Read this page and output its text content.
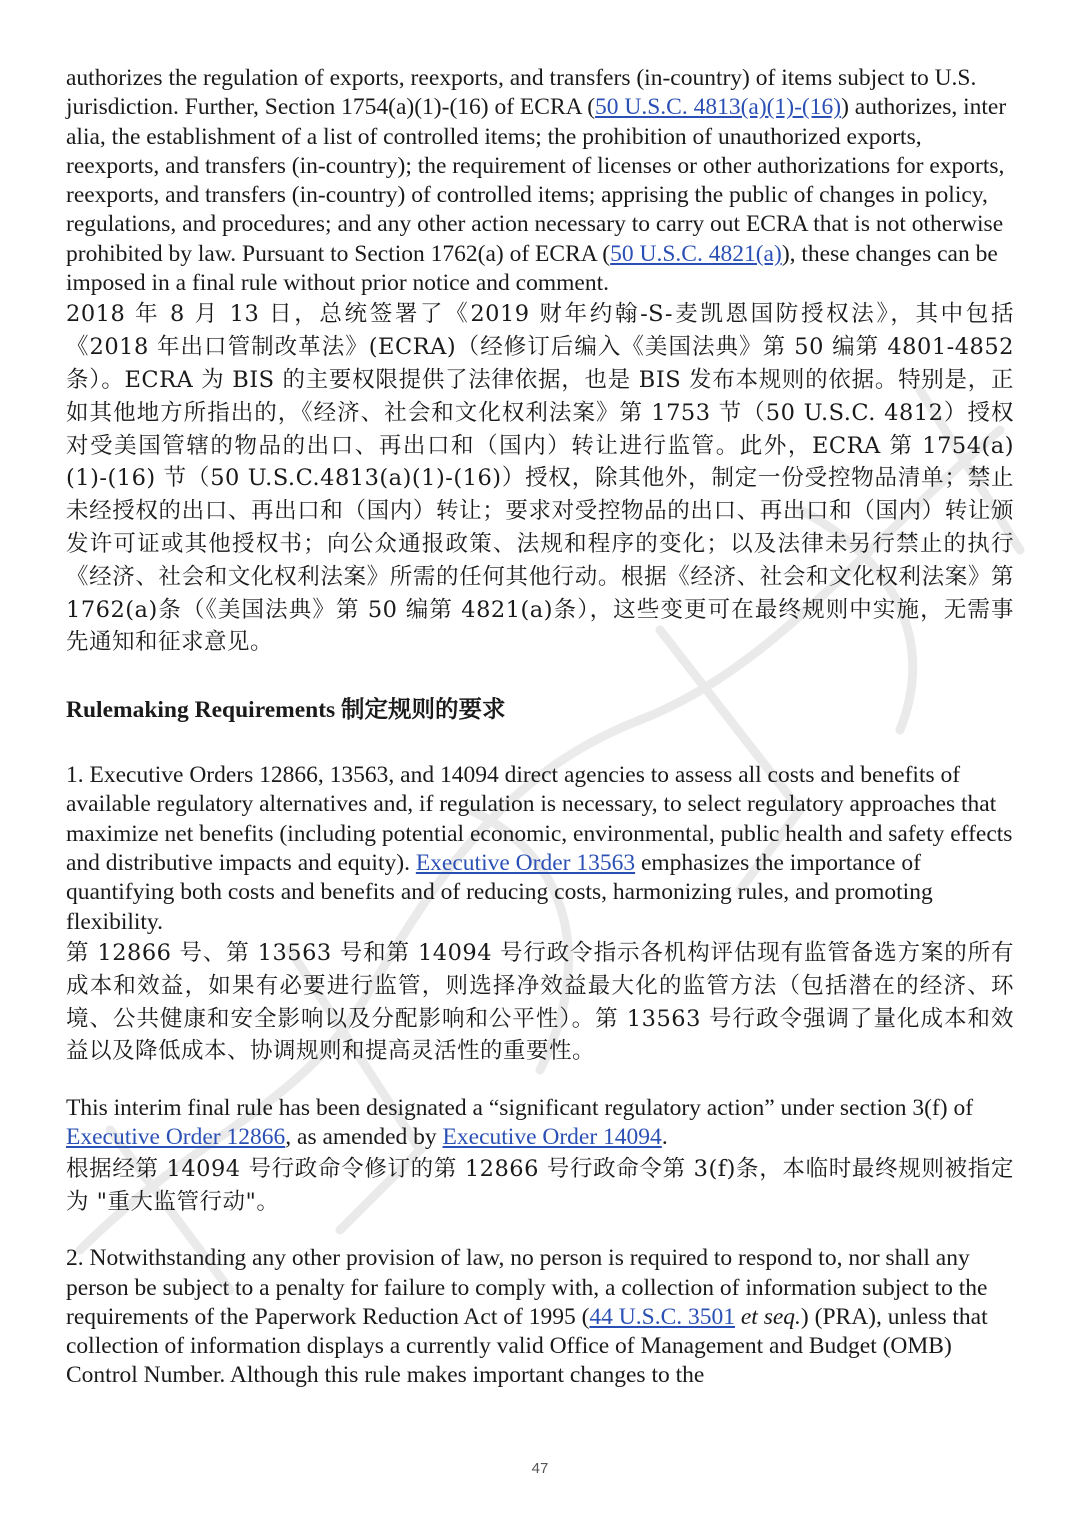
authorizes the regulation of exports, reexports, and transfers (in-country) of items subject to U.S. jurisdiction. Further, Section 1754(a)(1)-(16) of ECRA (50 U.S.C. 4813(a)(1)-(16)) authorizes, inter alia, the establishment of a list of controlled items; the prohibition of unauthorized exports, reexports, and transfers (in-country); the requirement of licenses or other authorizations for exports, reexports, and transfers (in-country) of controlled items; apprising the public of changes in policy, regulations, and procedures; and any other action necessary to carry out ECRA that is not otherwise prohibited by law. Pursuant to Section 1762(a) of ECRA (50 U.S.C. 4821(a)), these changes can be imposed in a final rule without prior notice and comment.

2018 年 8 月 13 日，总统签署了《2019 财年约翰-S-麦凯恩国防授权法》，其中包括《2018 年出口管制改革法》(ECRA)（经修订后编入《美国法典》第 50 编第 4801-4852 条）。ECRA 为 BIS 的主要权限提供了法律依据，也是 BIS 发布本规则的依据。特别是，正如其他地方所指出的，《经济、社会和文化权利法案》第 1753 节（50 U.S.C. 4812）授权对受美国管辖的物品的出口、再出口和（国内）转让进行监管。此外，ECRA 第 1754(a)(1)-(16) 节（50 U.S.C.4813(a)(1)-(16)）授权，除其他外，制定一份受控物品清单；禁止未经授权的出口、再出口和（国内）转让；要求对受控物品的出口、再出口和（国内）转让颁发许可证或其他授权书；向公众通报政策、法规和程序的变化；以及法律未另行禁止的执行《经济、社会和文化权利法案》所需的任何其他行动。根据《经济、社会和文化权利法案》第 1762(a)条（《美国法典》第 50 编第 4821(a)条），这些变更可在最终规则中实施，无需事先通知和征求意见。

Rulemaking Requirements 制定规则的要求

1. Executive Orders 12866, 13563, and 14094 direct agencies to assess all costs and benefits of available regulatory alternatives and, if regulation is necessary, to select regulatory approaches that maximize net benefits (including potential economic, environmental, public health and safety effects and distributive impacts and equity). Executive Order 13563 emphasizes the importance of quantifying both costs and benefits and of reducing costs, harmonizing rules, and promoting flexibility.

第 12866 号、第 13563 号和第 14094 号行政令指示各机构评估现有监管备选方案的所有成本和效益，如果有必要进行监管，则选择净效益最大化的监管方法（包括潜在的经济、环境、公共健康和安全影响以及分配影响和公平性）。第 13563 号行政令强调了量化成本和效益以及降低成本、协调规则和提高灵活性的重要性。

This interim final rule has been designated a “significant regulatory action” under section 3(f) of Executive Order 12866, as amended by Executive Order 14094.

根据经第 14094 号行政命令修订的第 12866 号行政命令第 3(f)条，本临时最终规则被指定为 "重大监管行动"。

2. Notwithstanding any other provision of law, no person is required to respond to, nor shall any person be subject to a penalty for failure to comply with, a collection of information subject to the requirements of the Paperwork Reduction Act of 1995 (44 U.S.C. 3501 et seq.) (PRA), unless that collection of information displays a currently valid Office of Management and Budget (OMB) Control Number. Although this rule makes important changes to the

47
